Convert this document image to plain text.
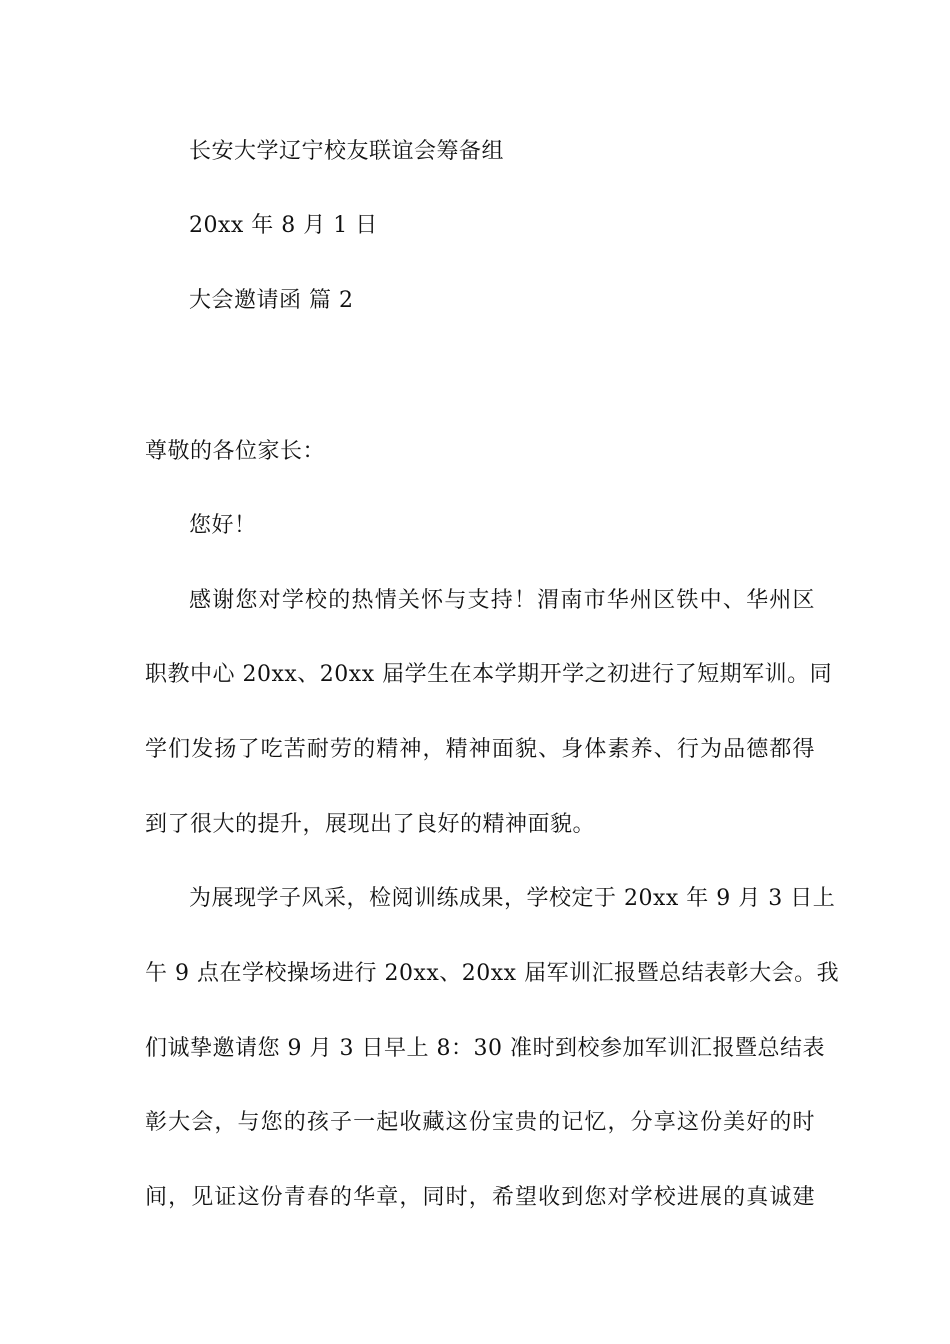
长安大学辽宁校友联谊会筹备组
20xx 年 8 月 1 日
大会邀请函 篇 2
尊敬的各位家长：
您好！
感谢您对学校的热情关怀与支持！渭南市华州区铁中、华州区
职教中心 20xx、20xx 届学生在本学期开学之初进行了短期军训。同
学们发扬了吃苦耐劳的精神，精神面貌、身体素养、行为品德都得
到了很大的提升，展现出了良好的精神面貌。
为展现学子风采，检阅训练成果，学校定于 20xx 年 9 月 3 日上
午 9 点在学校操场进行 20xx、20xx 届军训汇报暨总结表彰大会。我
们诚挚邀请您 9 月 3 日早上 8：30 准时到校参加军训汇报暨总结表
彰大会，与您的孩子一起收藏这份宝贵的记忆，分享这份美好的时
间，见证这份青春的华章，同时，希望收到您对学校进展的真诚建
